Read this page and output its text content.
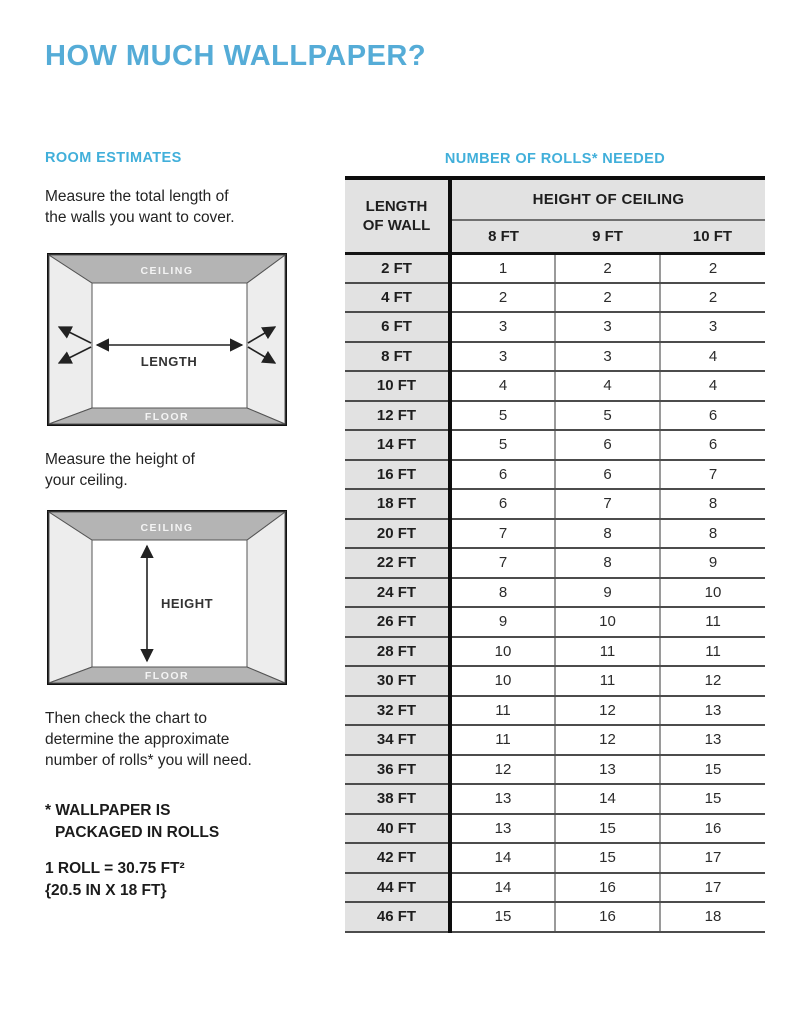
HOW MUCH WALLPAPER?
ROOM ESTIMATES
Measure the total length of
the walls you want to cover.
CEILING
FLOOR
LENGTH
Measure the height of
your ceiling.
CEILING
FLOOR
HEIGHT
Then check the chart to
determine the approximate
number of rolls* you will need.
* WALLPAPER IS
PACKAGED IN ROLLS
1 ROLL = 30.75 FT²
{20.5 IN X 18 FT}
NUMBER OF ROLLS* NEEDED
LENGTH OF WALL	HEIGHT OF CEILING		
	8 FT	9 FT	10 FT
2 FT	1	2	2
4 FT	2	2	2
6 FT	3	3	3
8 FT	3	3	4
10 FT	4	4	4
12 FT	5	5	6
14 FT	5	6	6
16 FT	6	6	7
18 FT	6	7	8
20 FT	7	8	8
22 FT	7	8	9
24 FT	8	9	10
26 FT	9	10	11
28 FT	10	11	11
30 FT	10	11	12
32 FT	11	12	13
34 FT	11	12	13
36 FT	12	13	15
38 FT	13	14	15
40 FT	13	15	16
42 FT	14	15	17
44 FT	14	16	17
46 FT	15	16	18
